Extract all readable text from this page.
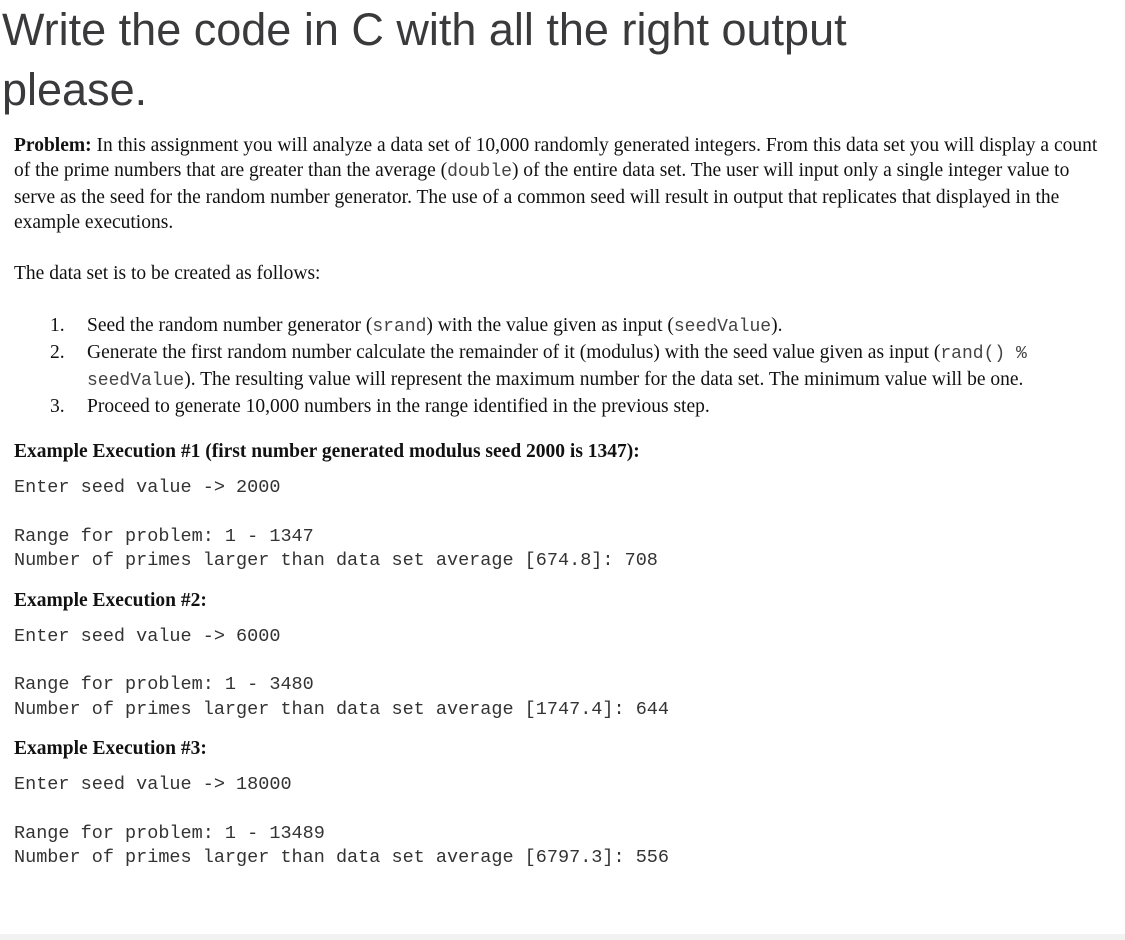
Write the code in C with all the right output
please.

Problem: In this assignment you will analyze a data set of 10,000 randomly generated integers. From this data set you will display a count of the prime numbers that are greater than the average (double) of the entire data set. The user will input only a single integer value to serve as the seed for the random number generator. The use of a common seed will result in output that replicates that displayed in the example executions.

The data set is to be created as follows:

1. Seed the random number generator (srand) with the value given as input (seedValue).
2. Generate the first random number calculate the remainder of it (modulus) with the seed value given as input (rand() % seedValue). The resulting value will represent the maximum number for the data set. The minimum value will be one.
3. Proceed to generate 10,000 numbers in the range identified in the previous step.

Example Execution #1 (first number generated modulus seed 2000 is 1347):

Enter seed value -> 2000
Range for problem: 1 - 1347
Number of primes larger than data set average [674.8]: 708

Example Execution #2:

Enter seed value -> 6000
Range for problem: 1 - 3480
Number of primes larger than data set average [1747.4]: 644

Example Execution #3:

Enter seed value -> 18000
Range for problem: 1 - 13489
Number of primes larger than data set average [6797.3]: 556
